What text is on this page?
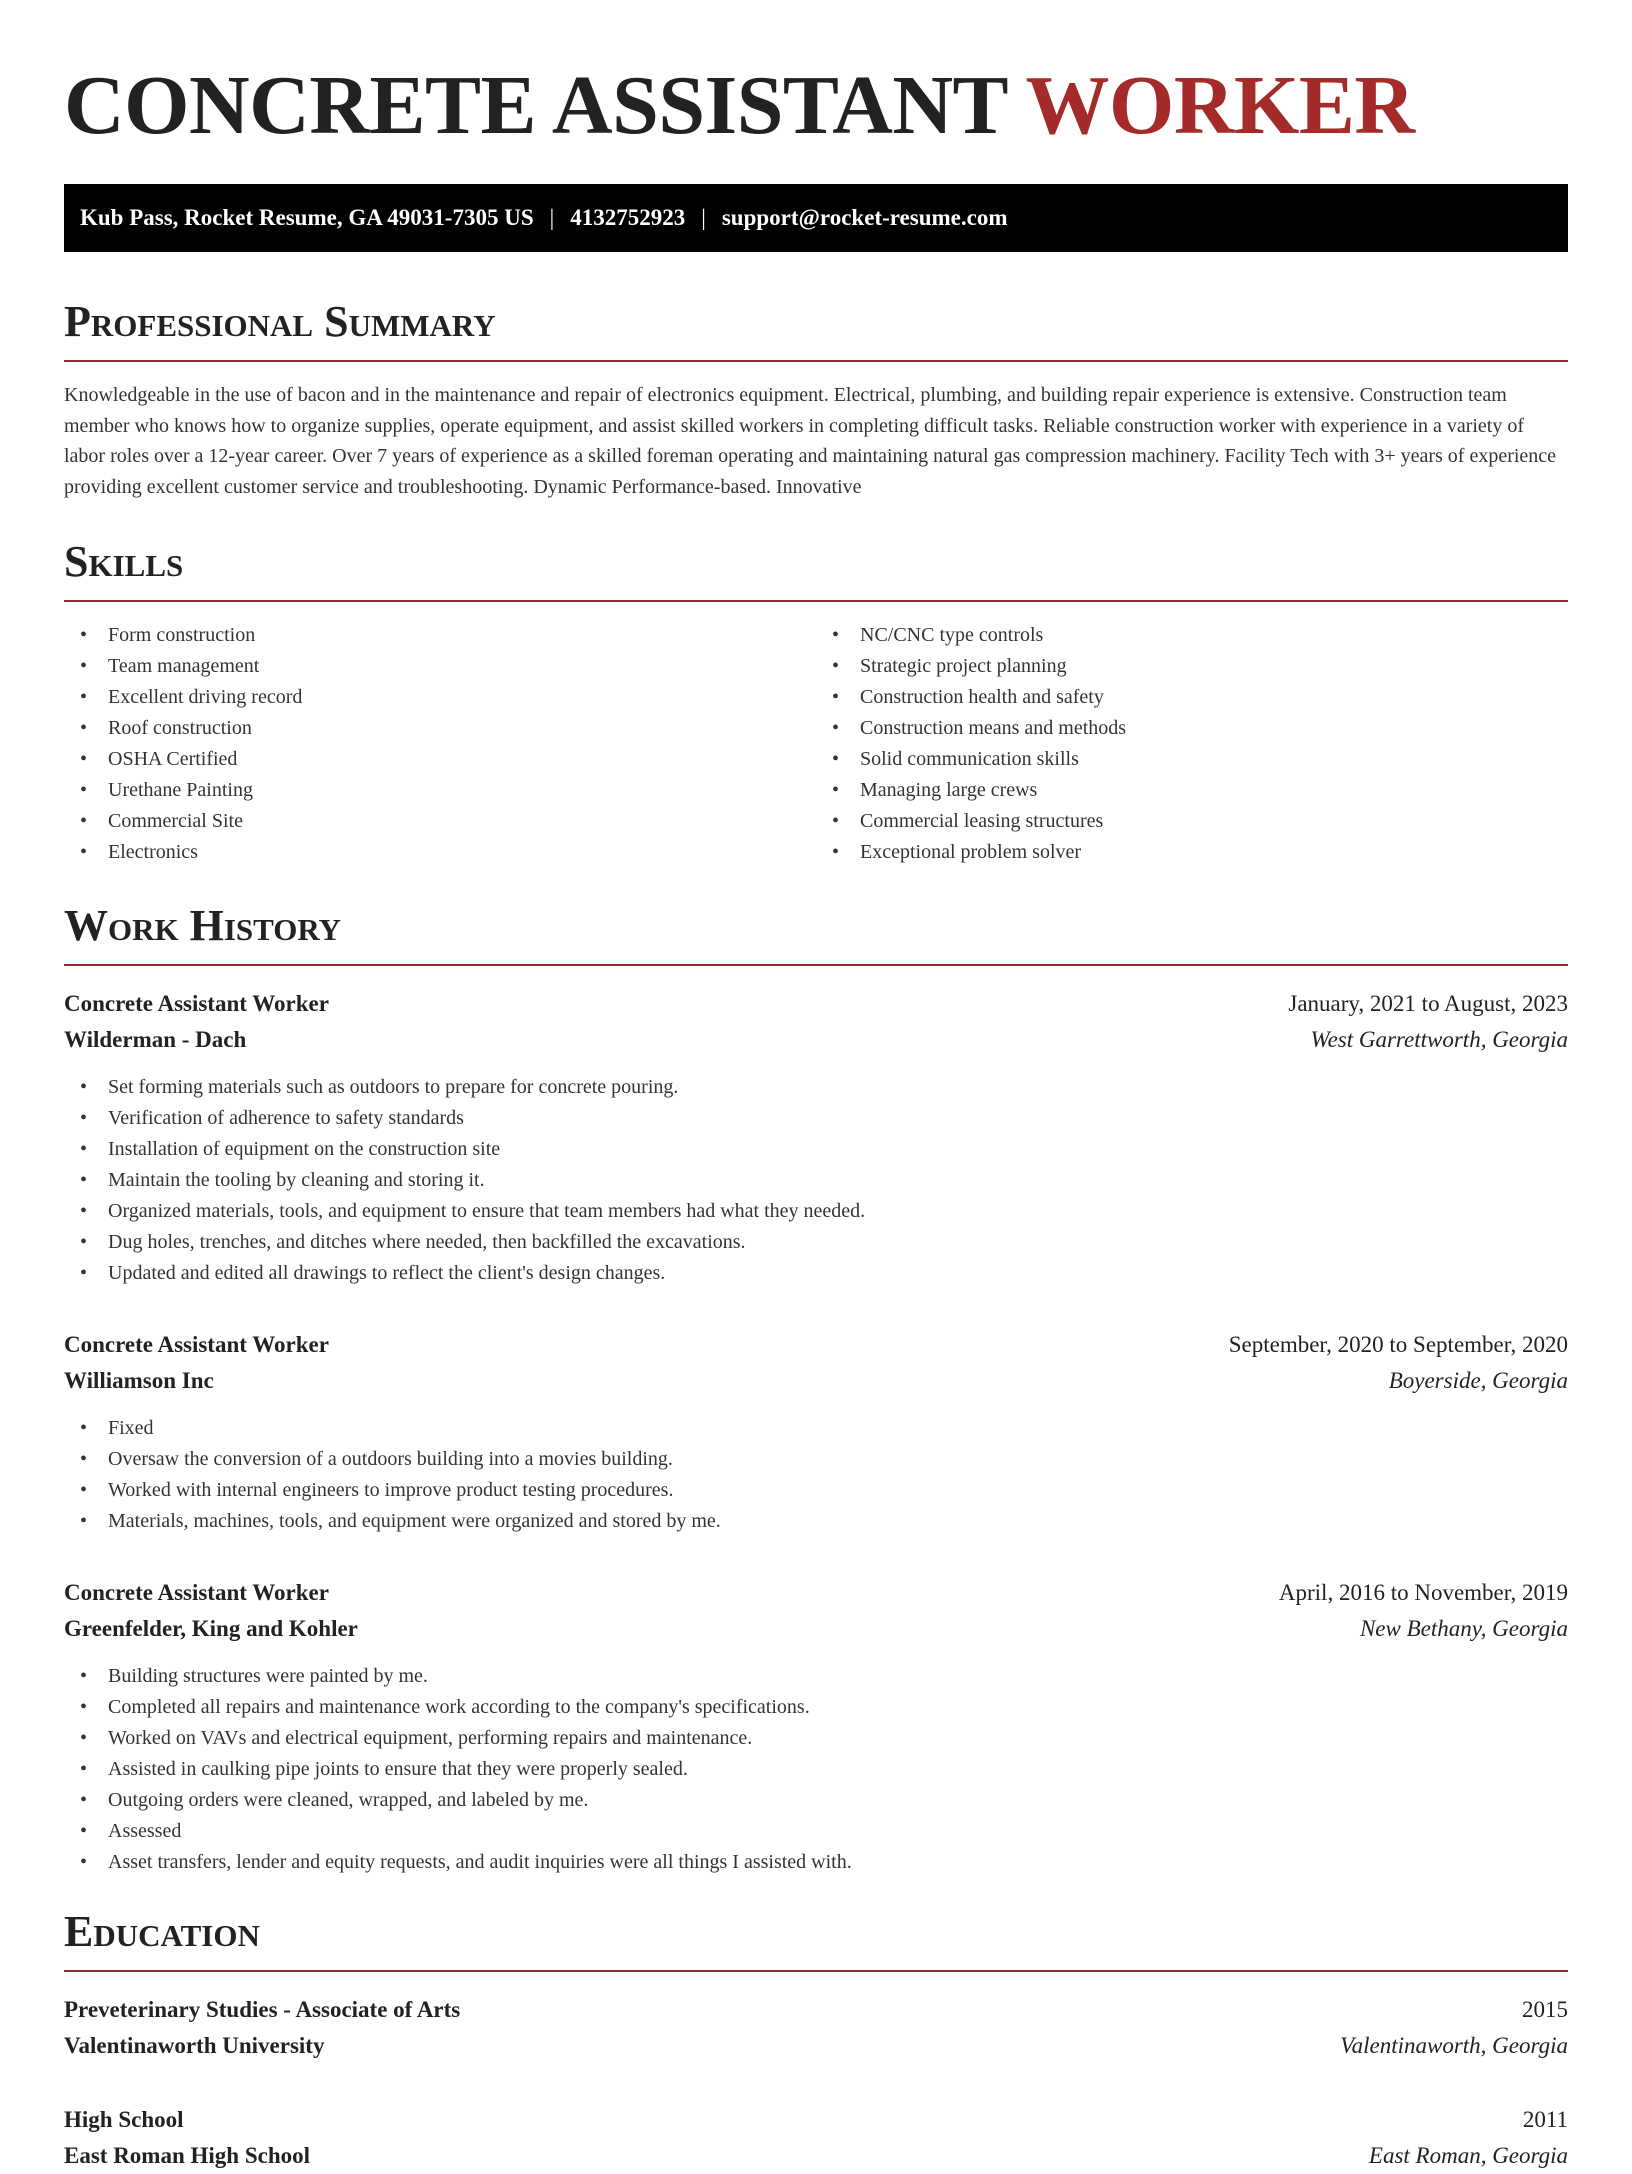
CONCRETE ASSISTANT WORKER
Kub Pass, Rocket Resume, GA 49031-7305 US | 4132752923 | support@rocket-resume.com
Professional Summary

Knowledgeable in the use of bacon and in the maintenance and repair of electronics equipment. Electrical, plumbing, and building repair experience is extensive. Construction team member who knows how to organize supplies, operate equipment, and assist skilled workers in completing difficult tasks. Reliable construction worker with experience in a variety of labor roles over a 12-year career. Over 7 years of experience as a skilled foreman operating and maintaining natural gas compression machinery. Facility Tech with 3+ years of experience providing excellent customer service and troubleshooting. Dynamic Performance-based. Innovative

Skills
• Form construction
• Team management
• Excellent driving record
• Roof construction
• OSHA Certified
• Urethane Painting
• Commercial Site
• Electronics
• NC/CNC type controls
• Strategic project planning
• Construction health and safety
• Construction means and methods
• Solid communication skills
• Managing large crews
• Commercial leasing structures
• Exceptional problem solver
Work History
Concrete Assistant Worker	January, 2021 to August, 2023
Wilderman - Dach	West Garrettworth, Georgia
• Set forming materials such as outdoors to prepare for concrete pouring.
• Verification of adherence to safety standards
• Installation of equipment on the construction site
• Maintain the tooling by cleaning and storing it.
• Organized materials, tools, and equipment to ensure that team members had what they needed.
• Dug holes, trenches, and ditches where needed, then backfilled the excavations.
• Updated and edited all drawings to reflect the client's design changes.
Concrete Assistant Worker	September, 2020 to September, 2020
Williamson Inc	Boyerside, Georgia
• Fixed
• Oversaw the conversion of a outdoors building into a movies building.
• Worked with internal engineers to improve product testing procedures.
• Materials, machines, tools, and equipment were organized and stored by me.
Concrete Assistant Worker	April, 2016 to November, 2019
Greenfelder, King and Kohler	New Bethany, Georgia
• Building structures were painted by me.
• Completed all repairs and maintenance work according to the company's specifications.
• Worked on VAVs and electrical equipment, performing repairs and maintenance.
• Assisted in caulking pipe joints to ensure that they were properly sealed.
• Outgoing orders were cleaned, wrapped, and labeled by me.
• Assessed
• Asset transfers, lender and equity requests, and audit inquiries were all things I assisted with.
Education
Preveterinary Studies - Associate of Arts	2015
Valentinaworth University	Valentinaworth, Georgia
High School	2011
East Roman High School	East Roman, Georgia
